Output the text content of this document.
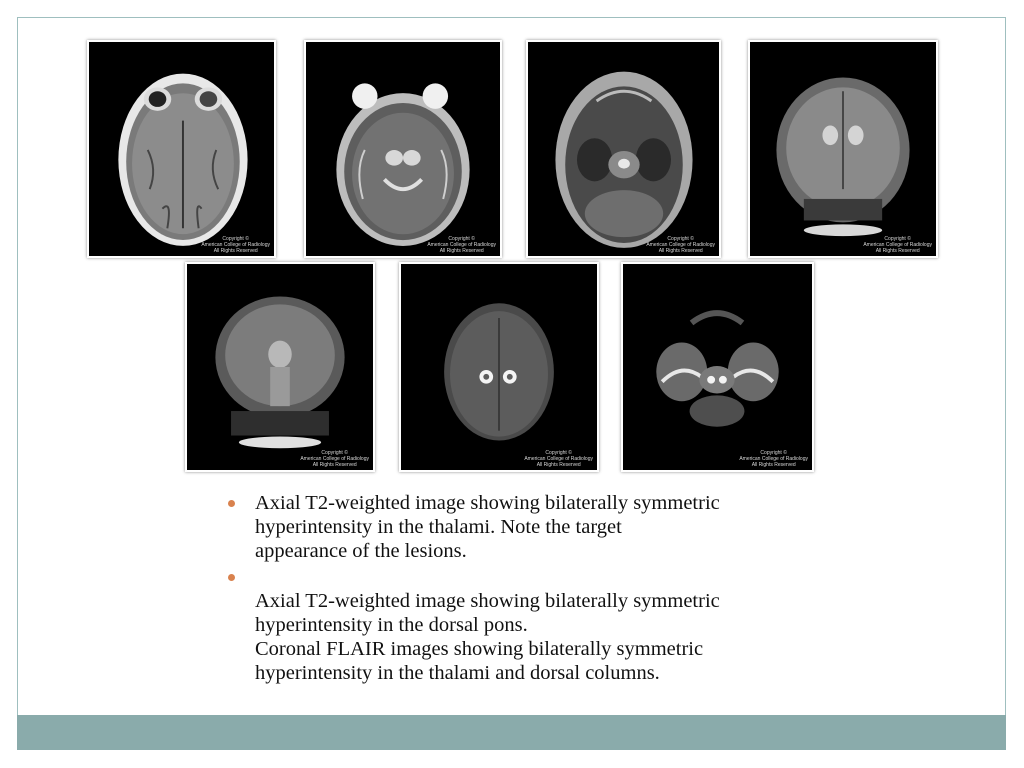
Copyright ©
American College of Radiology
All Rights Reserved
Copyright ©
American College of Radiology
All Rights Reserved
Copyright ©
American College of Radiology
All Rights Reserved
Copyright ©
American College of Radiology
All Rights Reserved
Copyright ©
American College of Radiology
All Rights Reserved
Copyright ©
American College of Radiology
All Rights Reserved
Copyright ©
American College of Radiology
All Rights Reserved
Axial T2-weighted image showing bilaterally symmetric
hyperintensity in the thalami. Note the target
appearance of the lesions.
Axial T2-weighted image showing bilaterally symmetric
hyperintensity in the dorsal pons.
Coronal FLAIR images showing bilaterally symmetric
hyperintensity in the thalami and dorsal columns.
